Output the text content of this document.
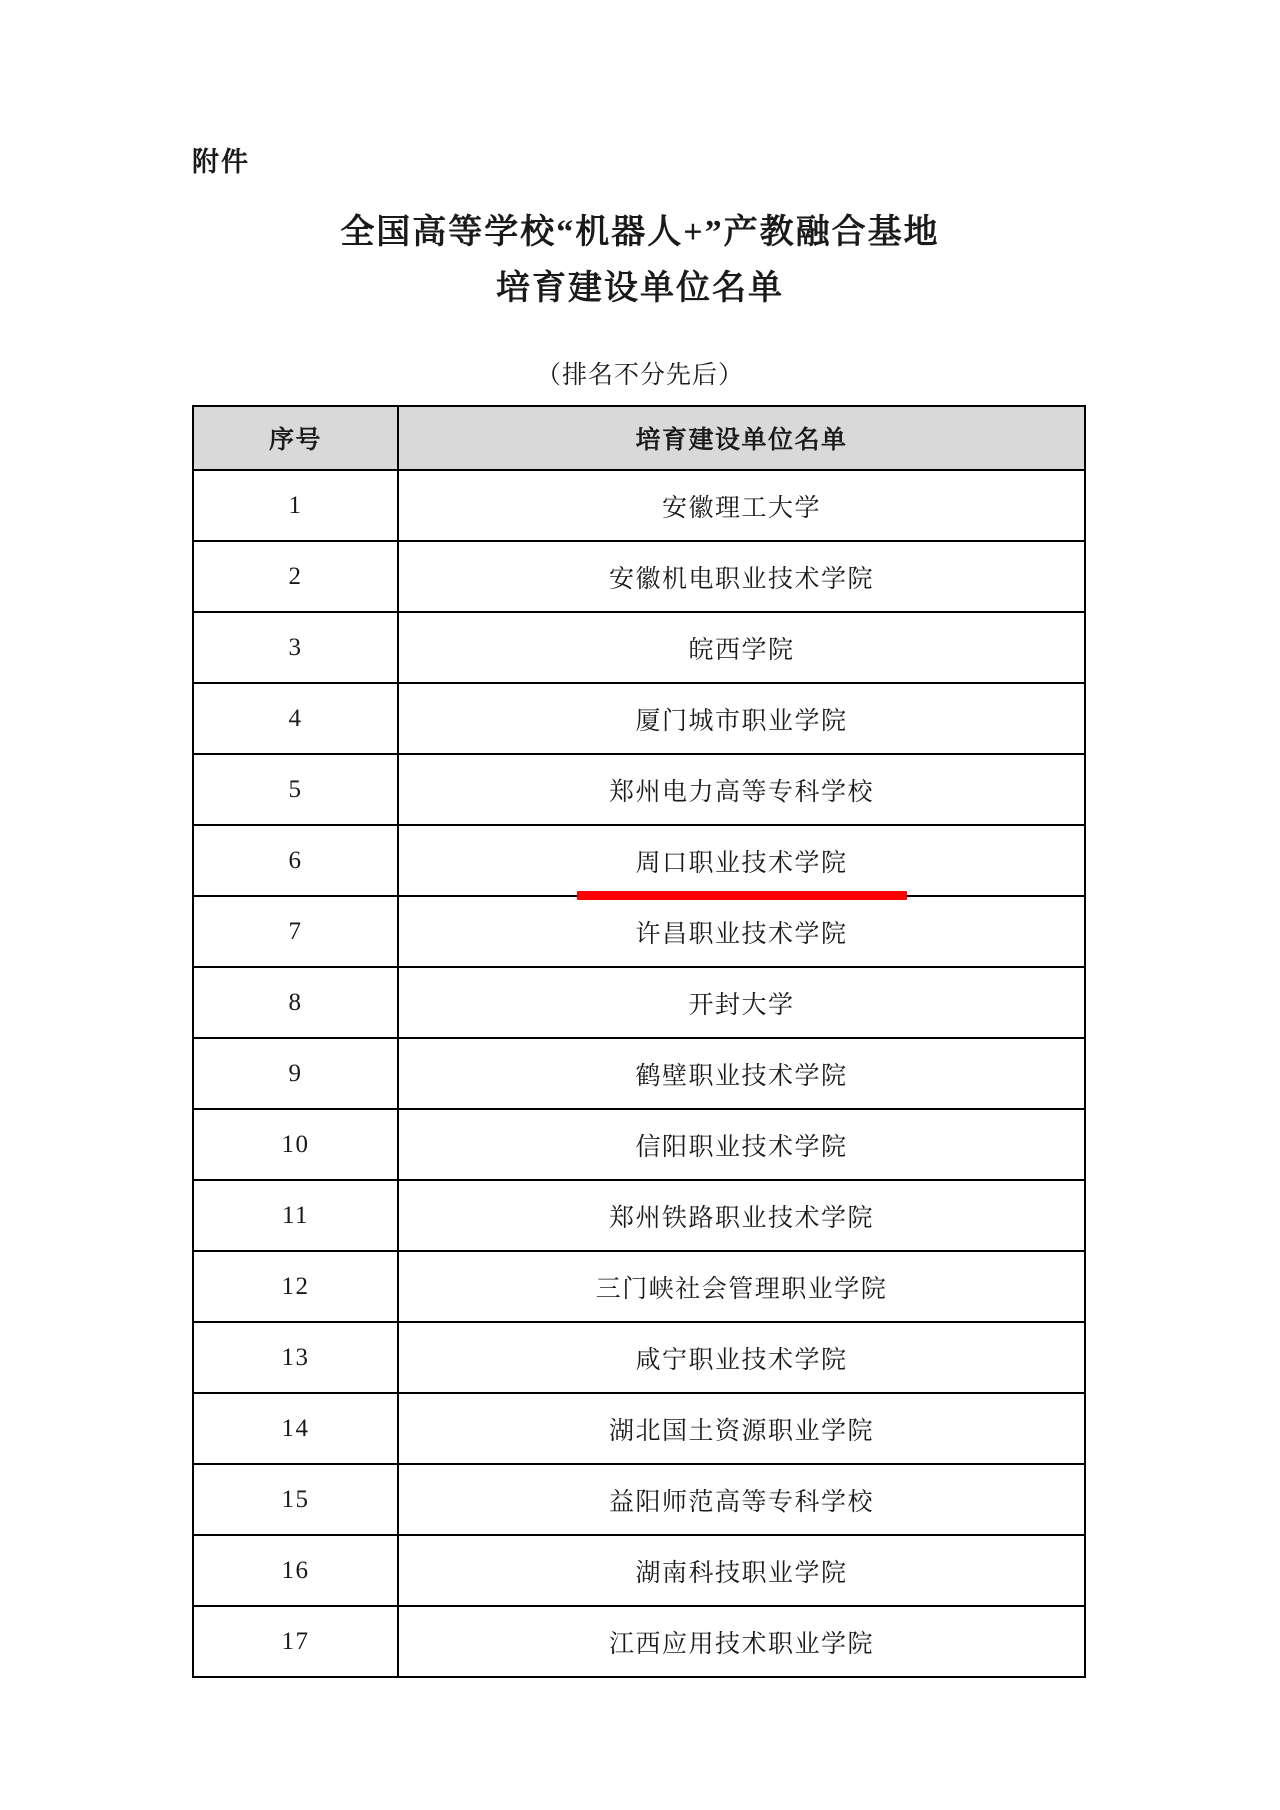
附件
全国高等学校“机器人+”产教融合基地
培育建设单位名单
（排名不分先后）
序号	培育建设单位名单
1	安徽理工大学
2	安徽机电职业技术学院
3	皖西学院
4	厦门城市职业学院
5	郑州电力高等专科学校
6	周口职业技术学院

7	许昌职业技术学院
8	开封大学
9	鹤壁职业技术学院
10	信阳职业技术学院
11	郑州铁路职业技术学院
12	三门峡社会管理职业学院
13	咸宁职业技术学院
14	湖北国土资源职业学院
15	益阳师范高等专科学校
16	湖南科技职业学院
17	江西应用技术职业学院
